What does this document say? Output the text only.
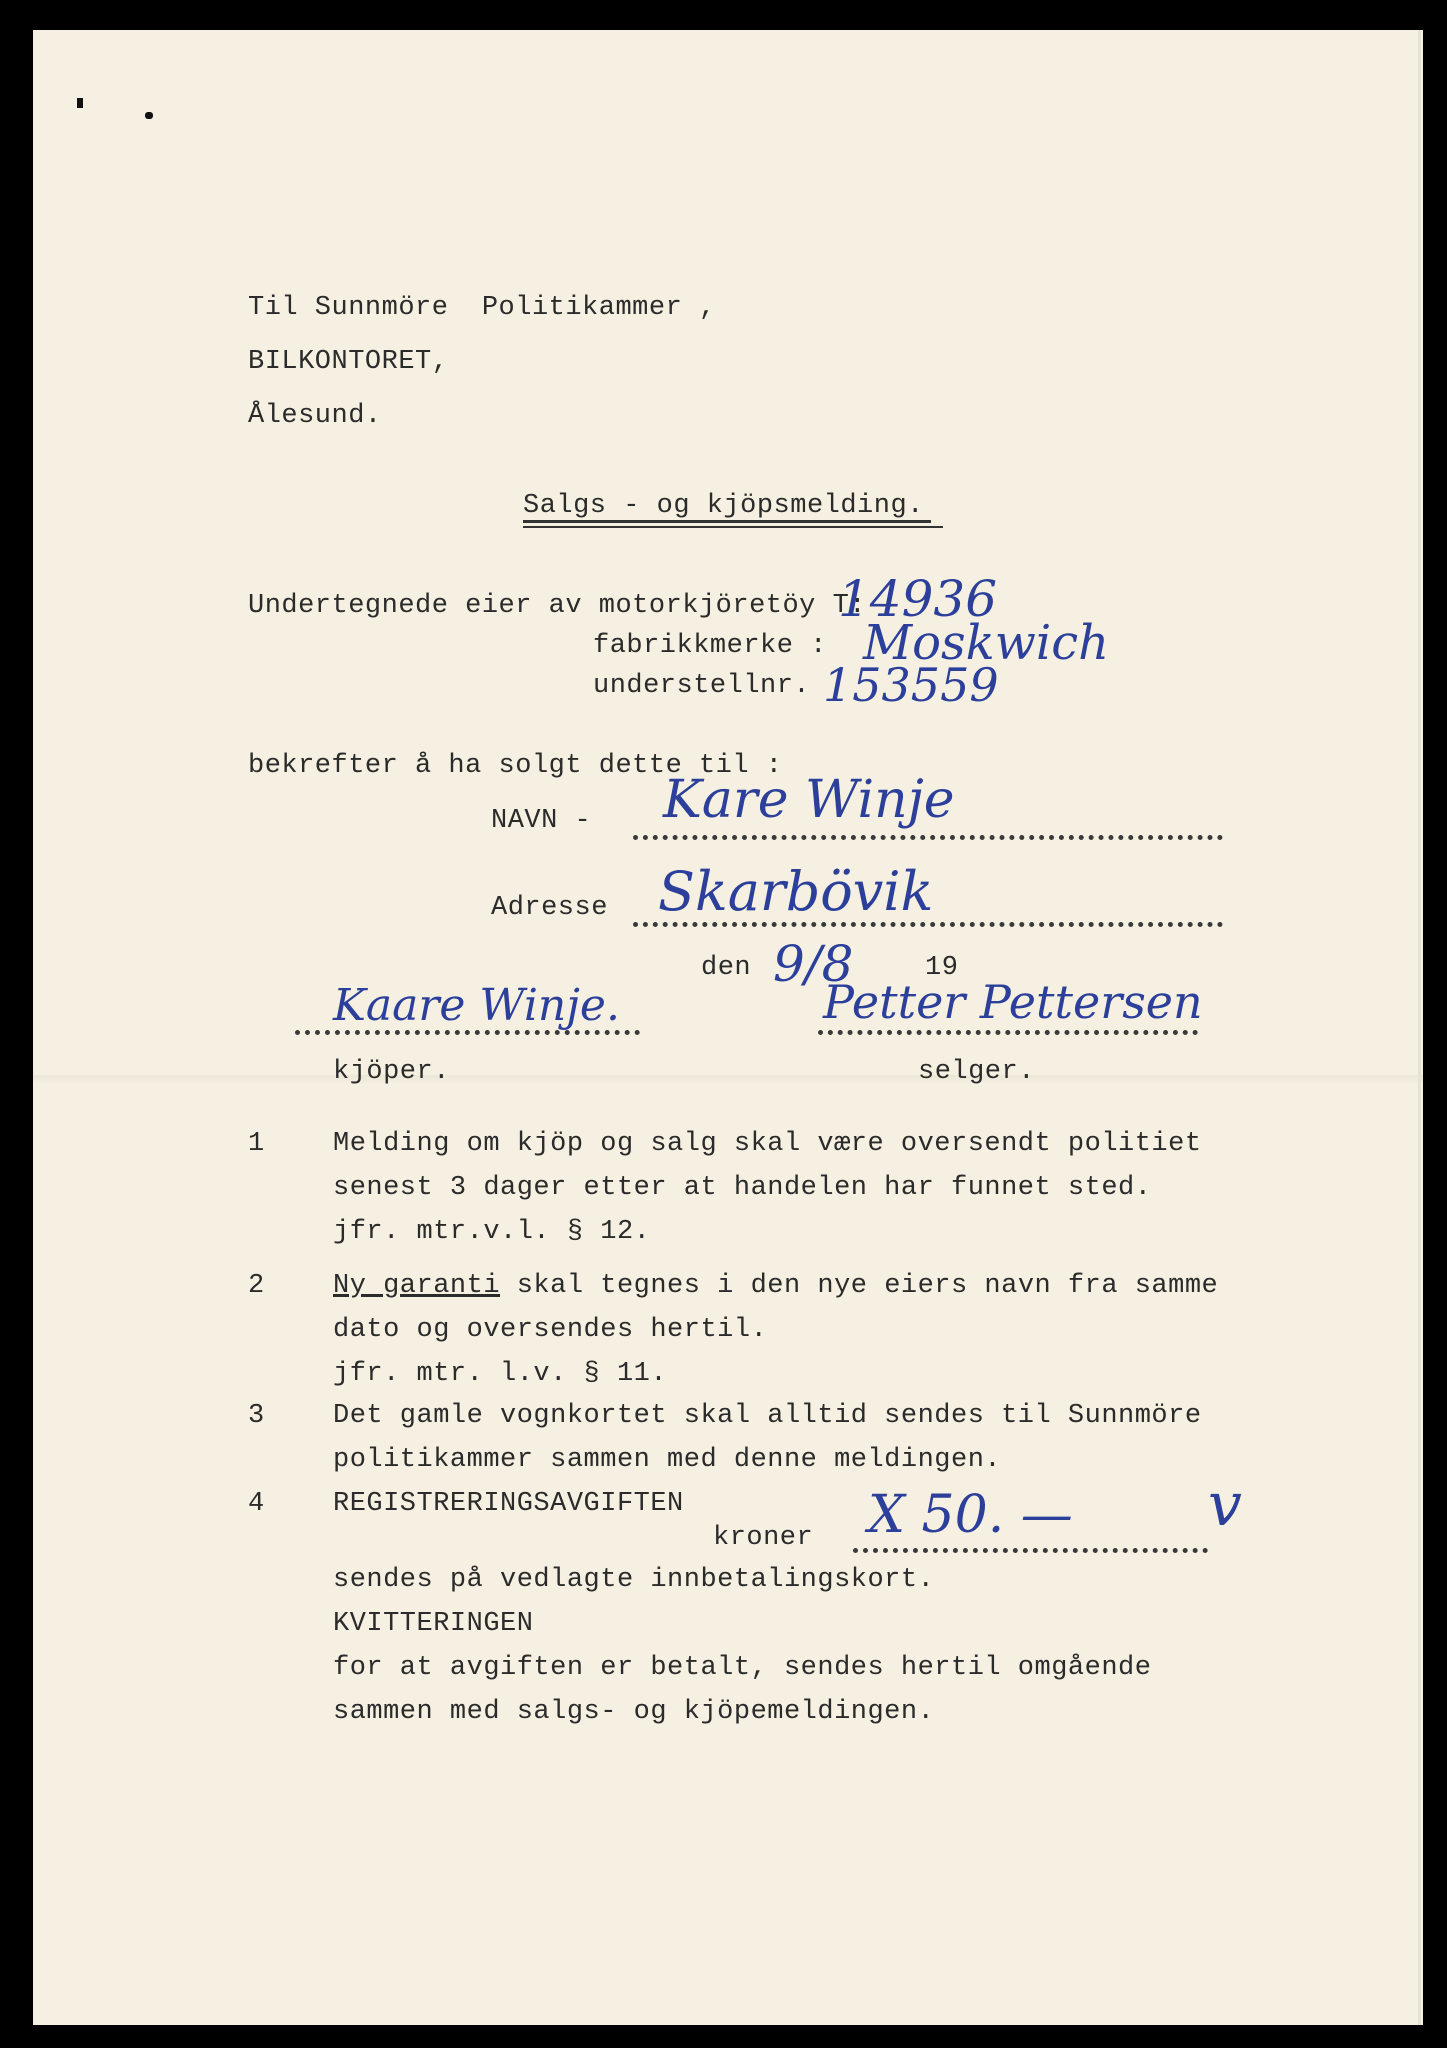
Til Sunnmöre  Politikammer ,
BILKONTORET,
Ålesund.
Salgs - og kjöpsmelding.
Undertegnede eier av motorkjöretöy T:
14936
fabrikkmerke : Moskwich
understellnr. 153559
bekrefter å ha solgt dette til :
NAVN - Kare Winje
Adresse Skarbövik
den 9/8	19
Kaare Winje.	Petter Pettersen
kjöper.	selger.
1	Melding om kjöp og salg skal være oversendt politiet
senest 3 dager etter at handelen har funnet sted.
jfr. mtr.v.l. § 12.
2	Ny garanti skal tegnes i den nye eiers navn fra samme
dato og oversendes hertil.
jfr. mtr. l.v. § 11.
3	Det gamle vognkortet skal alltid sendes til Sunnmöre
politikammer sammen med denne meldingen.
4	REGISTRERINGSAVGIFTEN
kroner X 50. — v
sendes på vedlagte innbetalingskort.
KVITTERINGEN
for at avgiften er betalt, sendes hertil omgående
sammen med salgs- og kjöpemeldingen.
